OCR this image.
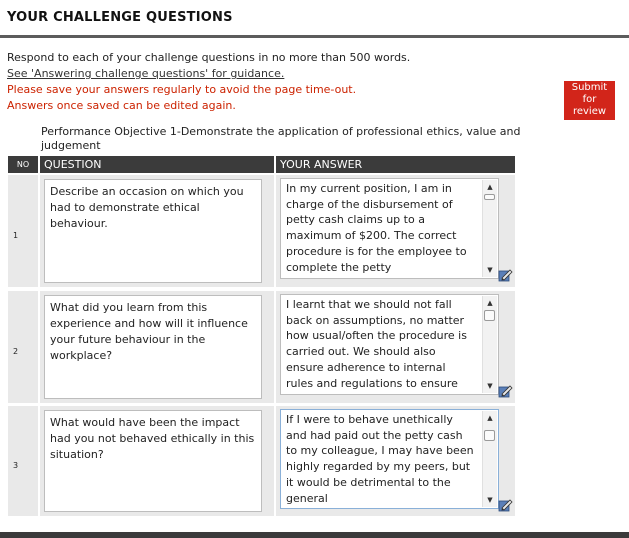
YOUR CHALLENGE QUESTIONS
Respond to each of your challenge questions in no more than 500 words.
See 'Answering challenge questions' for guidance.
Please save your answers regularly to avoid the page time-out.
Answers once saved can be edited again.
Submit
for
review
Performance Objective 1-Demonstrate the application of professional ethics, value and judgement
NO	QUESTION	YOUR ANSWER
1
Describe an occasion on which you had to demonstrate ethical behaviour.
In my current position, I am in charge of the disbursement of petty cash claims up to a maximum of $200. The correct procedure is for the employee to complete the petty
▲
▼
2
What did you learn from this experience and how will it influence your future behaviour in the workplace?
I learnt that we should not fall back on assumptions, no matter how usual/often the procedure is carried out. We should also ensure adherence to internal rules and regulations to ensure
▲
▼
3
What would have been the impact had you not behaved ethically in this situation?
If I were to behave unethically and had paid out the petty cash to my colleague, I may have been highly regarded by my peers, but it would be detrimental to the general
▲
▼
